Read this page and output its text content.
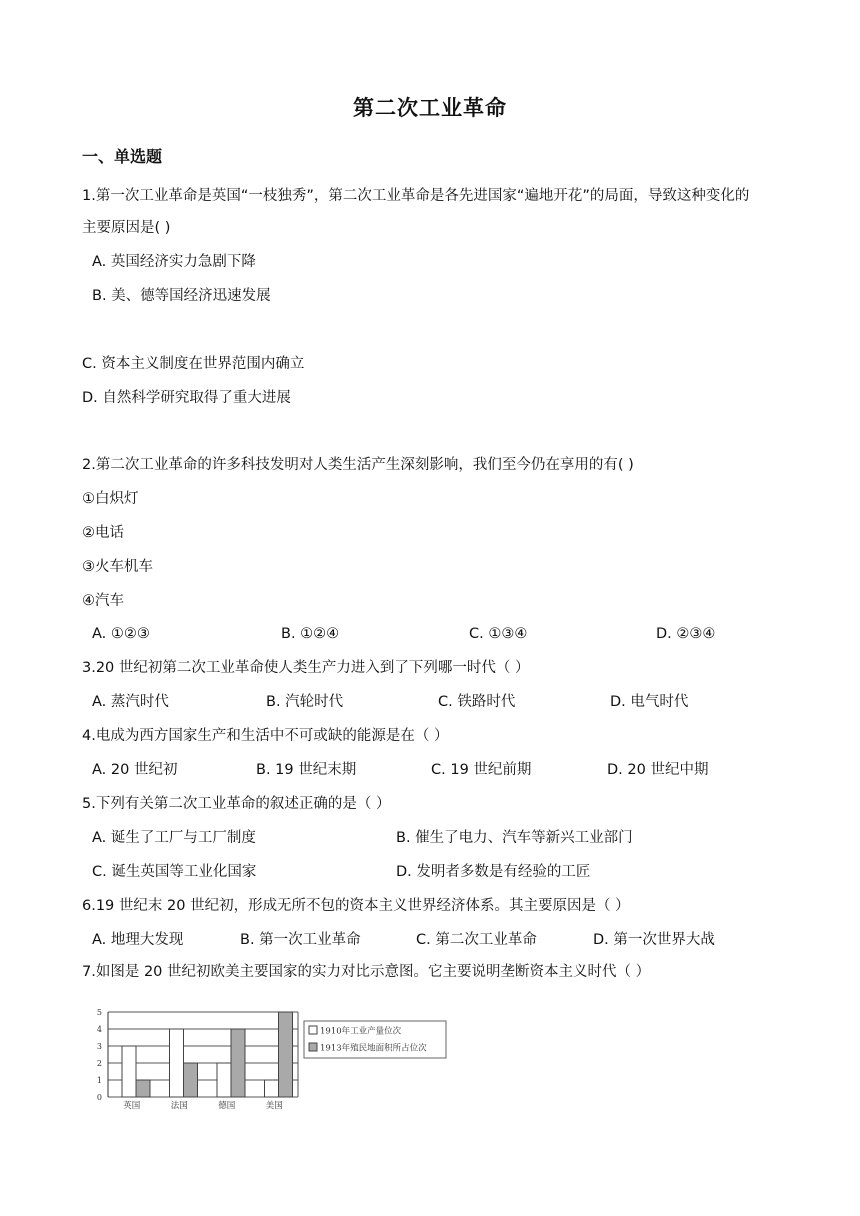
第二次工业革命
一、单选题
1.第一次工业革命是英国“一枝独秀”，第二次工业革命是各先进国家“遍地开花”的局面，导致这种变化的
主要原因是( )
A. 英国经济实力急剧下降
B. 美、德等国经济迅速发展
C. 资本主义制度在世界范围内确立
D. 自然科学研究取得了重大进展
2.第二次工业革命的许多科技发明对人类生活产生深刻影响，我们至今仍在享用的有( )
①白炽灯
②电话
③火车机车
④汽车
A. ①②③	B. ①②④	C. ①③④	D. ②③④
3.20 世纪初第二次工业革命使人类生产力进入到了下列哪一时代（ ）
A. 蒸汽时代	B. 汽轮时代	C. 铁路时代	D. 电气时代
4.电成为西方国家生产和生活中不可或缺的能源是在（ ）
A. 20 世纪初	B. 19 世纪末期	C. 19 世纪前期	D. 20 世纪中期
5.下列有关第二次工业革命的叙述正确的是（ ）
A. 诞生了工厂与工厂制度	B. 催生了电力、汽车等新兴工业部门
C. 诞生英国等工业化国家	D. 发明者多数是有经验的工匠
6.19 世纪末 20 世纪初，形成无所不包的资本主义世界经济体系。其主要原因是（ ）
A. 地理大发现	B. 第一次工业革命	C. 第二次工业革命	D. 第一次世界大战
7.如图是 20 世纪初欧美主要国家的实力对比示意图。它主要说明垄断资本主义时代（ ）
0
1
2
3
4
5
英国	法国	德国	美国
1910年工业产量位次
1913年殖民地面积所占位次
